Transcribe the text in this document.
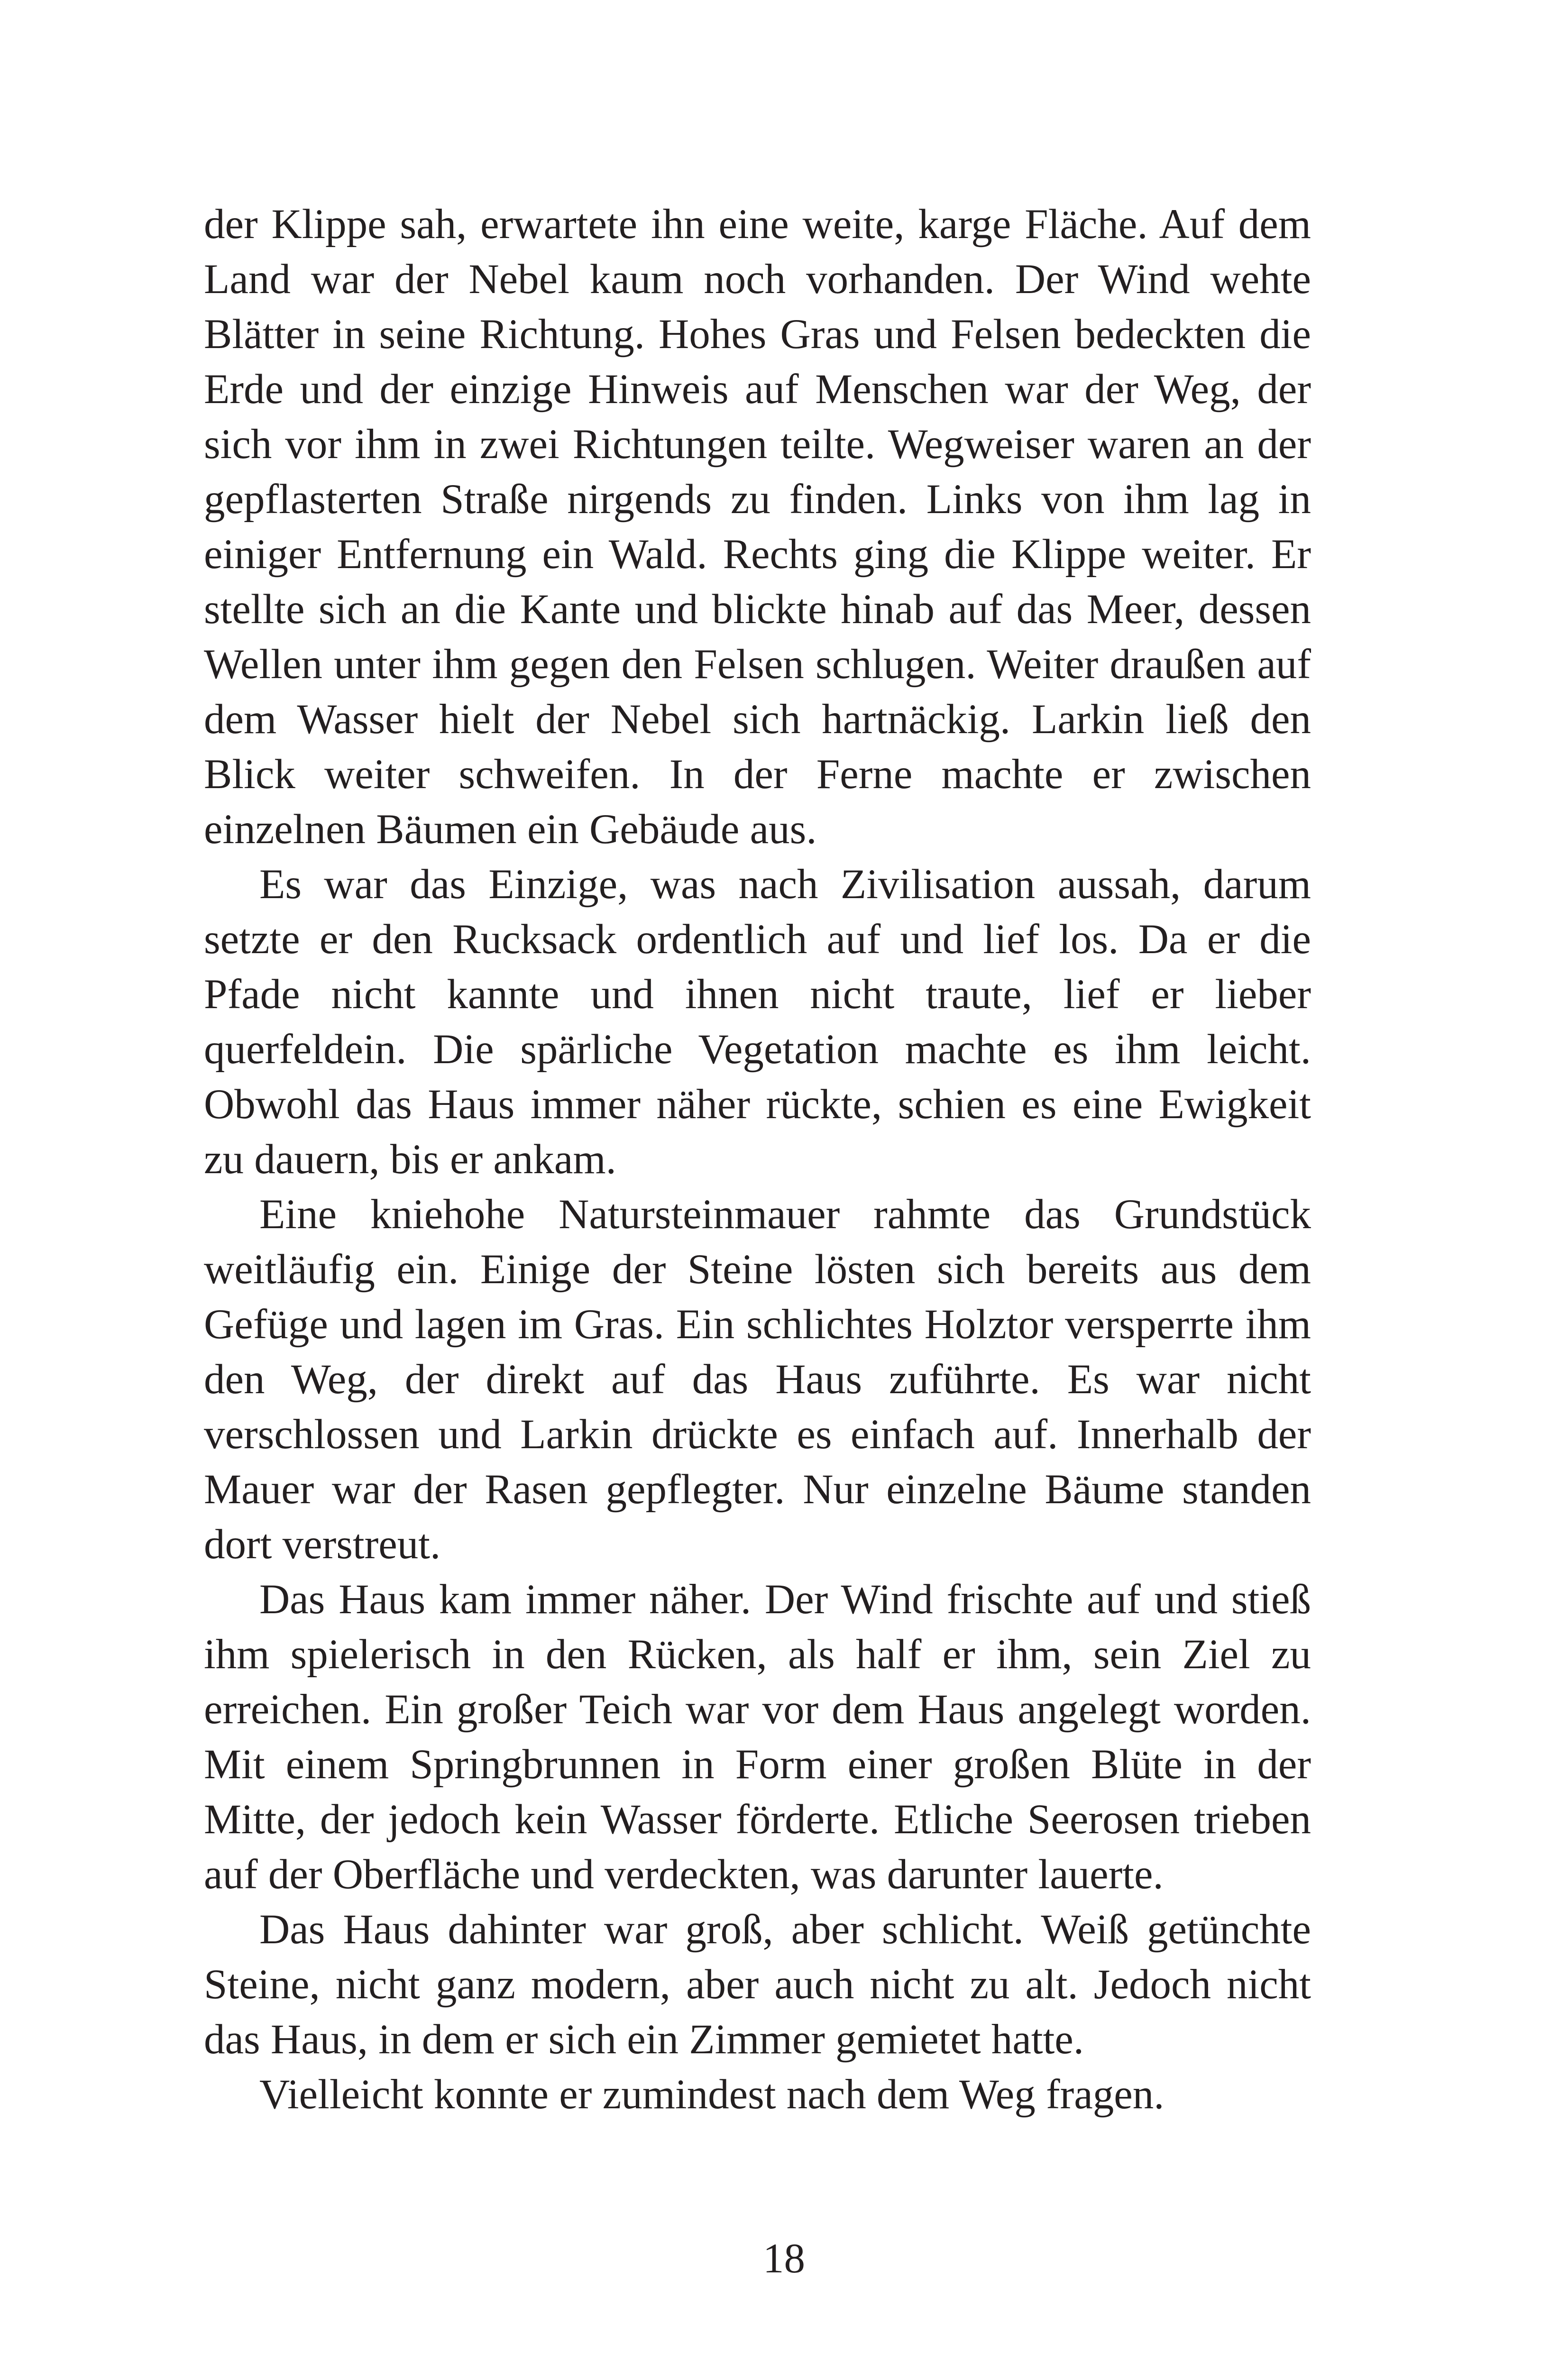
der Klippe sah, erwartete ihn eine weite, karge Fläche. Auf dem Land war der Nebel kaum noch vorhanden. Der Wind wehte Blätter in seine Richtung. Hohes Gras und Felsen bedeckten die Erde und der einzige Hinweis auf Menschen war der Weg, der sich vor ihm in zwei Richtungen teilte. Wegweiser waren an der gepflasterten Straße nirgends zu finden. Links von ihm lag in einiger Entfernung ein Wald. Rechts ging die Klippe weiter. Er stellte sich an die Kante und blickte hinab auf das Meer, dessen Wellen unter ihm gegen den Felsen schlugen. Weiter draußen auf dem Wasser hielt der Nebel sich hartnäckig. Larkin ließ den Blick weiter schweifen. In der Ferne machte er zwischen einzelnen Bäumen ein Gebäude aus.

Es war das Einzige, was nach Zivilisation aussah, darum setzte er den Rucksack ordentlich auf und lief los. Da er die Pfade nicht kannte und ihnen nicht traute, lief er lieber querfeldein. Die spärliche Vegetation machte es ihm leicht. Obwohl das Haus immer näher rückte, schien es eine Ewigkeit zu dauern, bis er ankam.

Eine kniehohe Natursteinmauer rahmte das Grundstück weitläufig ein. Einige der Steine lösten sich bereits aus dem Gefüge und lagen im Gras. Ein schlichtes Holztor versperrte ihm den Weg, der direkt auf das Haus zuführte. Es war nicht verschlossen und Larkin drückte es einfach auf. Innerhalb der Mauer war der Rasen gepflegter. Nur einzelne Bäume standen dort verstreut.

Das Haus kam immer näher. Der Wind frischte auf und stieß ihm spielerisch in den Rücken, als half er ihm, sein Ziel zu erreichen. Ein großer Teich war vor dem Haus angelegt worden. Mit einem Springbrunnen in Form einer großen Blüte in der Mitte, der jedoch kein Wasser förderte. Etliche Seerosen trieben auf der Oberfläche und verdeckten, was darunter lauerte.

Das Haus dahinter war groß, aber schlicht. Weiß getünchte Steine, nicht ganz modern, aber auch nicht zu alt. Jedoch nicht das Haus, in dem er sich ein Zimmer gemietet hatte.

Vielleicht konnte er zumindest nach dem Weg fragen.

18
